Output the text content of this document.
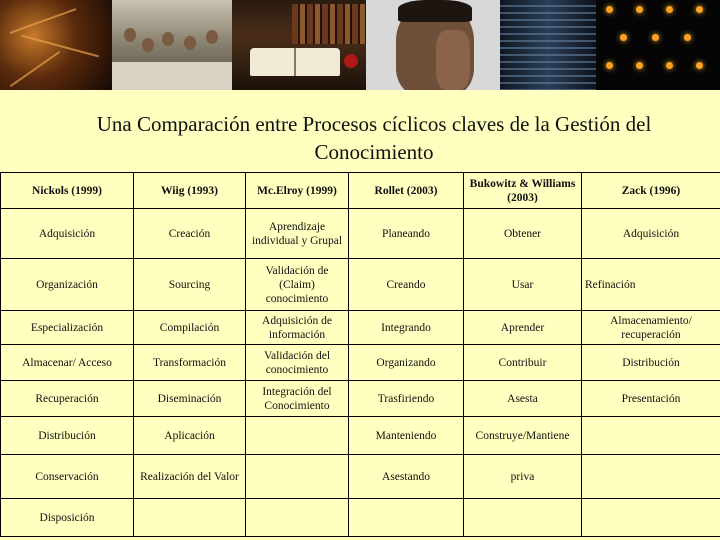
Una Comparación entre Procesos cíclicos claves de la Gestión del Conocimiento
Nickols (1999)	Wiig (1993)	Mc.Elroy (1999)	Rollet (2003)	Bukowitz & Williams (2003)	Zack (1996)
Adquisición	Creación	Aprendizaje individual y Grupal	Planeando	Obtener	Adquisición
Organización	Sourcing	Validación de (Claim) conocimiento	Creando	Usar	Refinación
Especialización	Compilación	Adquisición de información	Integrando	Aprender	Almacenamiento/ recuperación
Almacenar/ Acceso	Transformación	Validación del conocimiento	Organizando	Contribuir	Distribución
Recuperación	Diseminación	Integración del Conocimiento	Trasfiriendo	Asesta	Presentación
Distribución	Aplicación		Manteniendo	Construye/Mantiene	
Conservación	Realización del Valor		Asestando	priva	
Disposición					
